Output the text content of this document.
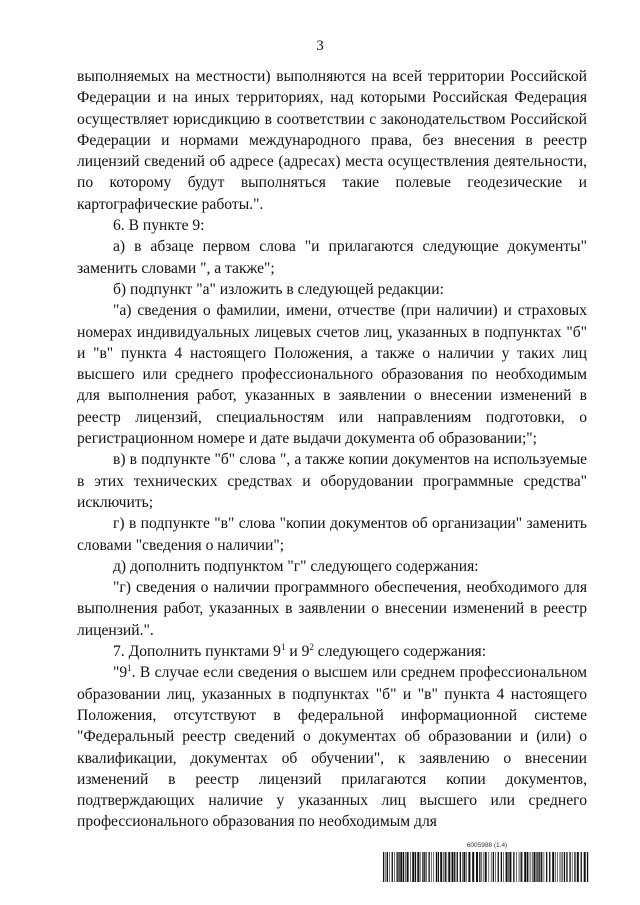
3

выполняемых на местности) выполняются на всей территории Российской Федерации и на иных территориях, над которыми Российская Федерация осуществляет юрисдикцию в соответствии с законодательством Российской Федерации и нормами международного права, без внесения в реестр лицензий сведений об адресе (адресах) места осуществления деятельности, по которому будут выполняться такие полевые геодезические и картографические работы.".

6. В пункте 9:

а) в абзаце первом слова "и прилагаются следующие документы" заменить словами ", а также";

б) подпункт "а" изложить в следующей редакции:

"а) сведения о фамилии, имени, отчестве (при наличии) и страховых номерах индивидуальных лицевых счетов лиц, указанных в подпунктах "б" и "в" пункта 4 настоящего Положения, а также о наличии у таких лиц высшего или среднего профессионального образования по необходимым для выполнения работ, указанных в заявлении о внесении изменений в реестр лицензий, специальностям или направлениям подготовки, о регистрационном номере и дате выдачи документа об образовании;";

в) в подпункте "б" слова ", а также копии документов на используемые в этих технических средствах и оборудовании программные средства" исключить;

г) в подпункте "в" слова "копии документов об организации" заменить словами "сведения о наличии";

д) дополнить подпунктом "г" следующего содержания:

"г) сведения о наличии программного обеспечения, необходимого для выполнения работ, указанных в заявлении о внесении изменений в реестр лицензий.".

7. Дополнить пунктами $9^1$ и $9^2$ следующего содержания:

"$9^1$. В случае если сведения о высшем или среднем профессиональном образовании лиц, указанных в подпунктах "б" и "в" пункта 4 настоящего Положения, отсутствуют в федеральной информационной системе "Федеральный реестр сведений о документах об образовании и (или) о квалификации, документах об обучении", к заявлению о внесении изменений в реестр лицензий прилагаются копии документов, подтверждающих наличие у указанных лиц высшего или среднего профессионального образования по необходимым для

6005988 (1.4)
